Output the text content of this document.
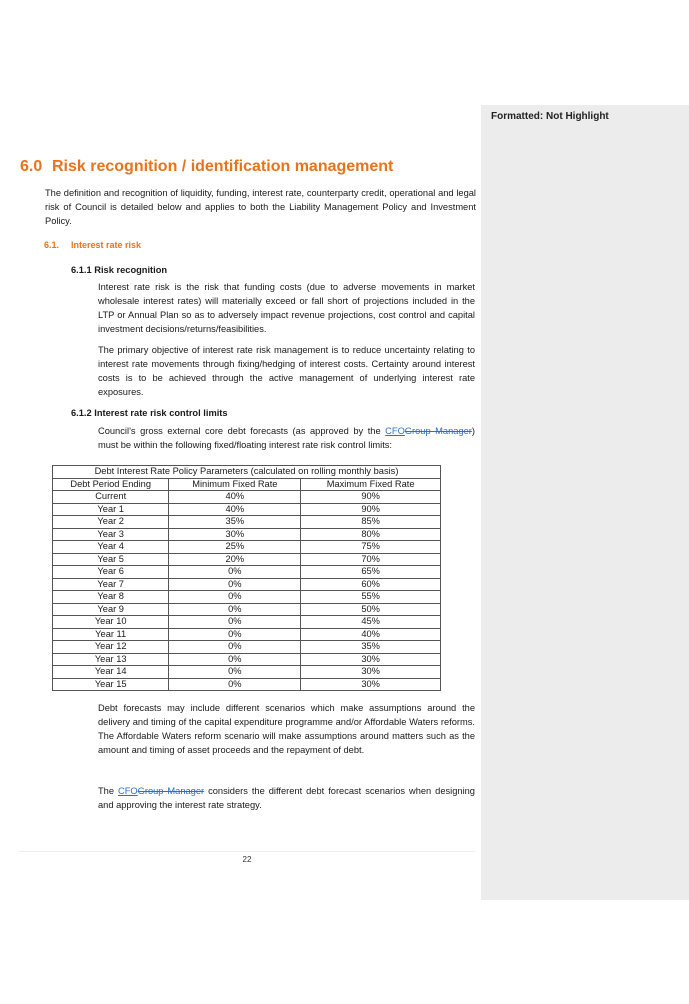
Formatted: Not Highlight
6.0 Risk recognition / identification management
The definition and recognition of liquidity, funding, interest rate, counterparty credit, operational and legal risk of Council is detailed below and applies to both the Liability Management Policy and Investment Policy.
6.1. Interest rate risk
6.1.1 Risk recognition
Interest rate risk is the risk that funding costs (due to adverse movements in market wholesale interest rates) will materially exceed or fall short of projections included in the LTP or Annual Plan so as to adversely impact revenue projections, cost control and capital investment decisions/returns/feasibilities.
The primary objective of interest rate risk management is to reduce uncertainty relating to interest rate movements through fixing/hedging of interest costs. Certainty around interest costs is to be achieved through the active management of underlying interest rate exposures.
6.1.2 Interest rate risk control limits
Council’s gross external core debt forecasts (as approved by the CFOGroup Manager) must be within the following fixed/floating interest rate risk control limits:
Debt Interest Rate Policy Parameters (calculated on rolling monthly basis)		
Debt Period Ending	Minimum Fixed Rate	Maximum Fixed Rate
Current	40%	90%
Year 1	40%	90%
Year 2	35%	85%
Year 3	30%	80%
Year 4	25%	75%
Year 5	20%	70%
Year 6	0%	65%
Year 7	0%	60%
Year 8	0%	55%
Year 9	0%	50%
Year 10	0%	45%
Year 11	0%	40%
Year 12	0%	35%
Year 13	0%	30%
Year 14	0%	30%
Year 15	0%	30%
Debt forecasts may include different scenarios which make assumptions around the delivery and timing of the capital expenditure programme and/or Affordable Waters reforms. The Affordable Waters reform scenario will make assumptions around matters such as the amount and timing of asset proceeds and the repayment of debt.
The CFOGroup Manager considers the different debt forecast scenarios when designing and approving the interest rate strategy.
22
